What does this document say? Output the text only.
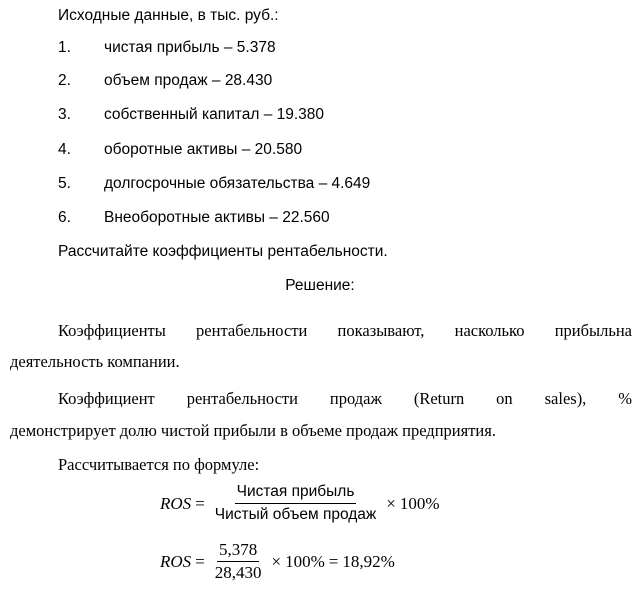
Исходные данные, в тыс. руб.:
1. чистая прибыль – 5.378
2. объем продаж – 28.430
3. собственный капитал – 19.380
4. оборотные активы – 20.580
5. долгосрочные обязательства – 4.649
6. Внеоборотные активы – 22.560
Рассчитайте коэффициенты рентабельности.
Решение:
Коэффициенты рентабельности показывают, насколько прибыльна
деятельность компании.
Коэффициент рентабельности продаж (Return on sales), %
демонстрирует долю чистой прибыли в объеме продаж предприятия.
Рассчитывается по формуле:
ROS = $\frac{\text{Чистая прибыль}}{\text{Чистый объем продаж}} \times 100\%$
ROS = $\frac{5,378}{28,430} \times 100\% = 18,92\%$
